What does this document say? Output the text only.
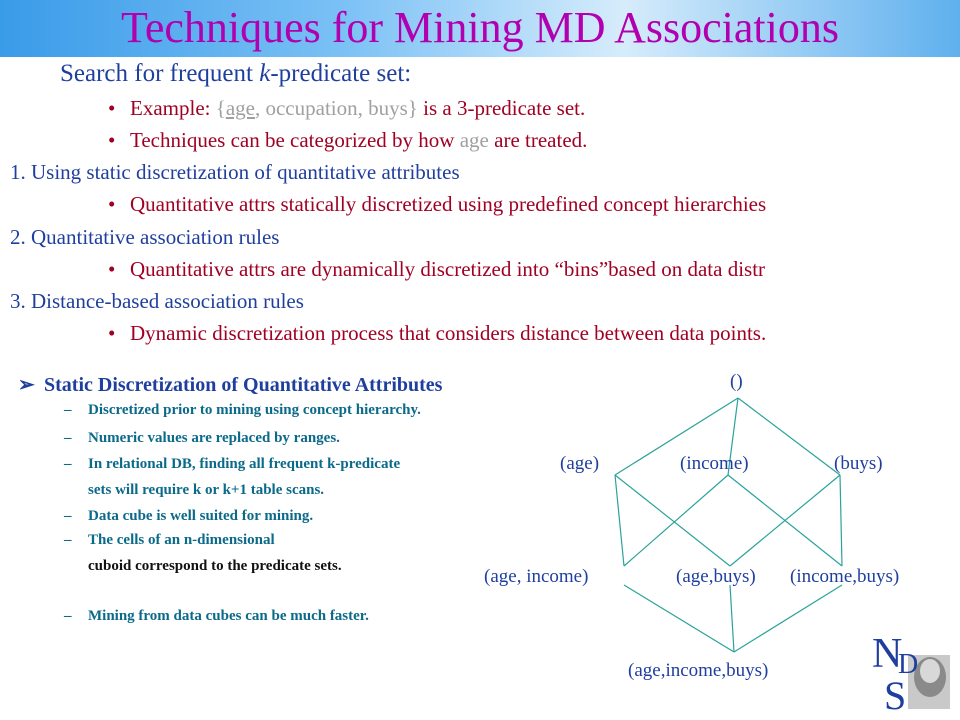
Techniques for Mining MD Associations
Search for frequent k-predicate set:
• Example: {age, occupation, buys} is a 3-predicate set.
• Techniques can be categorized by how age are treated.
1. Using static discretization of quantitative attributes
• Quantitative attrs statically discretized using predefined concept hierarchies
2. Quantitative association rules
• Quantitative attrs are dynamically discretized into “bins”based on data distr
3. Distance-based association rules
• Dynamic discretization process that considers distance between data points.
➢ Static Discretization of Quantitative Attributes
– Discretized prior to mining using concept hierarchy.
– Numeric values are replaced by ranges.
– In relational DB, finding all frequent k-predicate
sets will require k or k+1 table scans.
– Data cube is well suited for mining.
– The cells of an n-dimensional
cuboid correspond to the predicate sets.
– Mining from data cubes can be much faster.
()
(age)	(income)	(buys)
(age, income)	(age,buys) (income,buys)
(age,income,buys) N
D
S
